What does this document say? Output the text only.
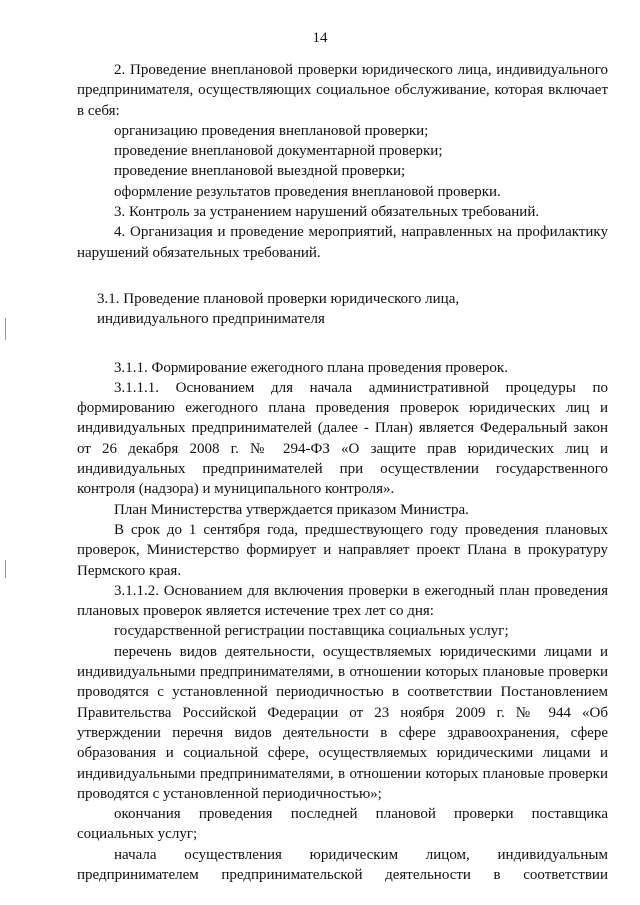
14

2. Проведение внеплановой проверки юридического лица, индивидуального предпринимателя, осуществляющих социальное обслуживание, которая включает в себя:

организацию проведения внеплановой проверки;

проведение внеплановой документарной проверки;

проведение внеплановой выездной проверки;

оформление результатов проведения внеплановой проверки.

3. Контроль за устранением нарушений обязательных требований.

4. Организация и проведение мероприятий, направленных на профилактику нарушений обязательных требований.

3.1. Проведение плановой проверки юридического лица,
индивидуального предпринимателя

3.1.1. Формирование ежегодного плана проведения проверок.

3.1.1.1. Основанием для начала административной процедуры по формированию ежегодного плана проведения проверок юридических лиц и индивидуальных предпринимателей (далее - План) является Федеральный закон от 26 декабря 2008 г. № 294-ФЗ «О защите прав юридических лиц и индивидуальных предпринимателей при осуществлении государственного контроля (надзора) и муниципального контроля».

План Министерства утверждается приказом Министра.

В срок до 1 сентября года, предшествующего году проведения плановых проверок, Министерство формирует и направляет проект Плана в прокуратуру Пермского края.

3.1.1.2. Основанием для включения проверки в ежегодный план проведения плановых проверок является истечение трех лет со дня:

государственной регистрации поставщика социальных услуг;

перечень видов деятельности, осуществляемых юридическими лицами и индивидуальными предпринимателями, в отношении которых плановые проверки проводятся с установленной периодичностью в соответствии Постановлением Правительства Российской Федерации от 23 ноября 2009 г. № 944 «Об утверждении перечня видов деятельности в сфере здравоохранения, сфере образования и социальной сфере, осуществляемых юридическими лицами и индивидуальными предпринимателями, в отношении которых плановые проверки проводятся с установленной периодичностью»;

окончания проведения последней плановой проверки поставщика социальных услуг;

начала осуществления юридическим лицом, индивидуальным предпринимателем предпринимательской деятельности в соответствии
